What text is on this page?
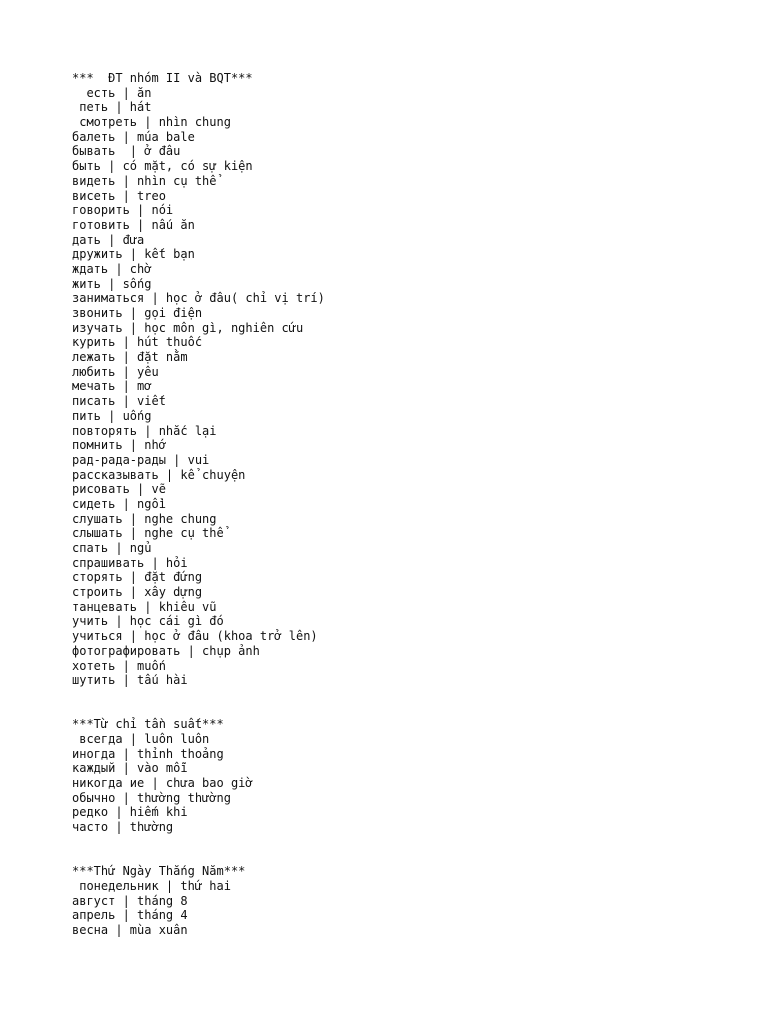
***  ĐT nhóm II và BQT***
есть | ăn
петь | hát
смотреть | nhìn chung
балеть | múa bale
бывать  | ở đâu
быть | có mặt, có sự kiện
видеть | nhìn cụ thể
висеть | treo
говорить | nói
готовить | nấu ăn
дать | đưa
дружить | kết bạn
ждать | chờ
жить | sống
заниматься | học ở đâu( chỉ vị trí)
звонить | gọi điện
изучать | học môn gì, nghiên cứu
курить | hút thuốc
лежать | đặt nằm
любить | yêu
мечать | mơ
писать | viết
пить | uống
повторять | nhắc lại
помнить | nhớ
рад-рада-рады | vui
рассказывать | kể chuyện
рисовать | vẽ
сидеть | ngồi
слушать | nghe chung
слышать | nghe cụ thể
спать | ngủ
спрашивать | hỏi
сторять | đặt đứng
строить | xây dựng
танцевать | khiêu vũ
учить | học cái gì đó
учиться | học ở đâu (khoa trở lên)
фотографировать | chụp ảnh
хотеть | muốn
шутить | tấu hài
***Từ chỉ tần suất***
всегда | luôn luôn
иногда | thỉnh thoảng
каждый | vào mỗi
никогда ие | chưa bao giờ
обычно | thường thường
редко | hiếm khi
часто | thường
***Thứ Ngày Thắng Năm***
понедельник | thứ hai
август | tháng 8
апрель | tháng 4
весна | mùa xuân
